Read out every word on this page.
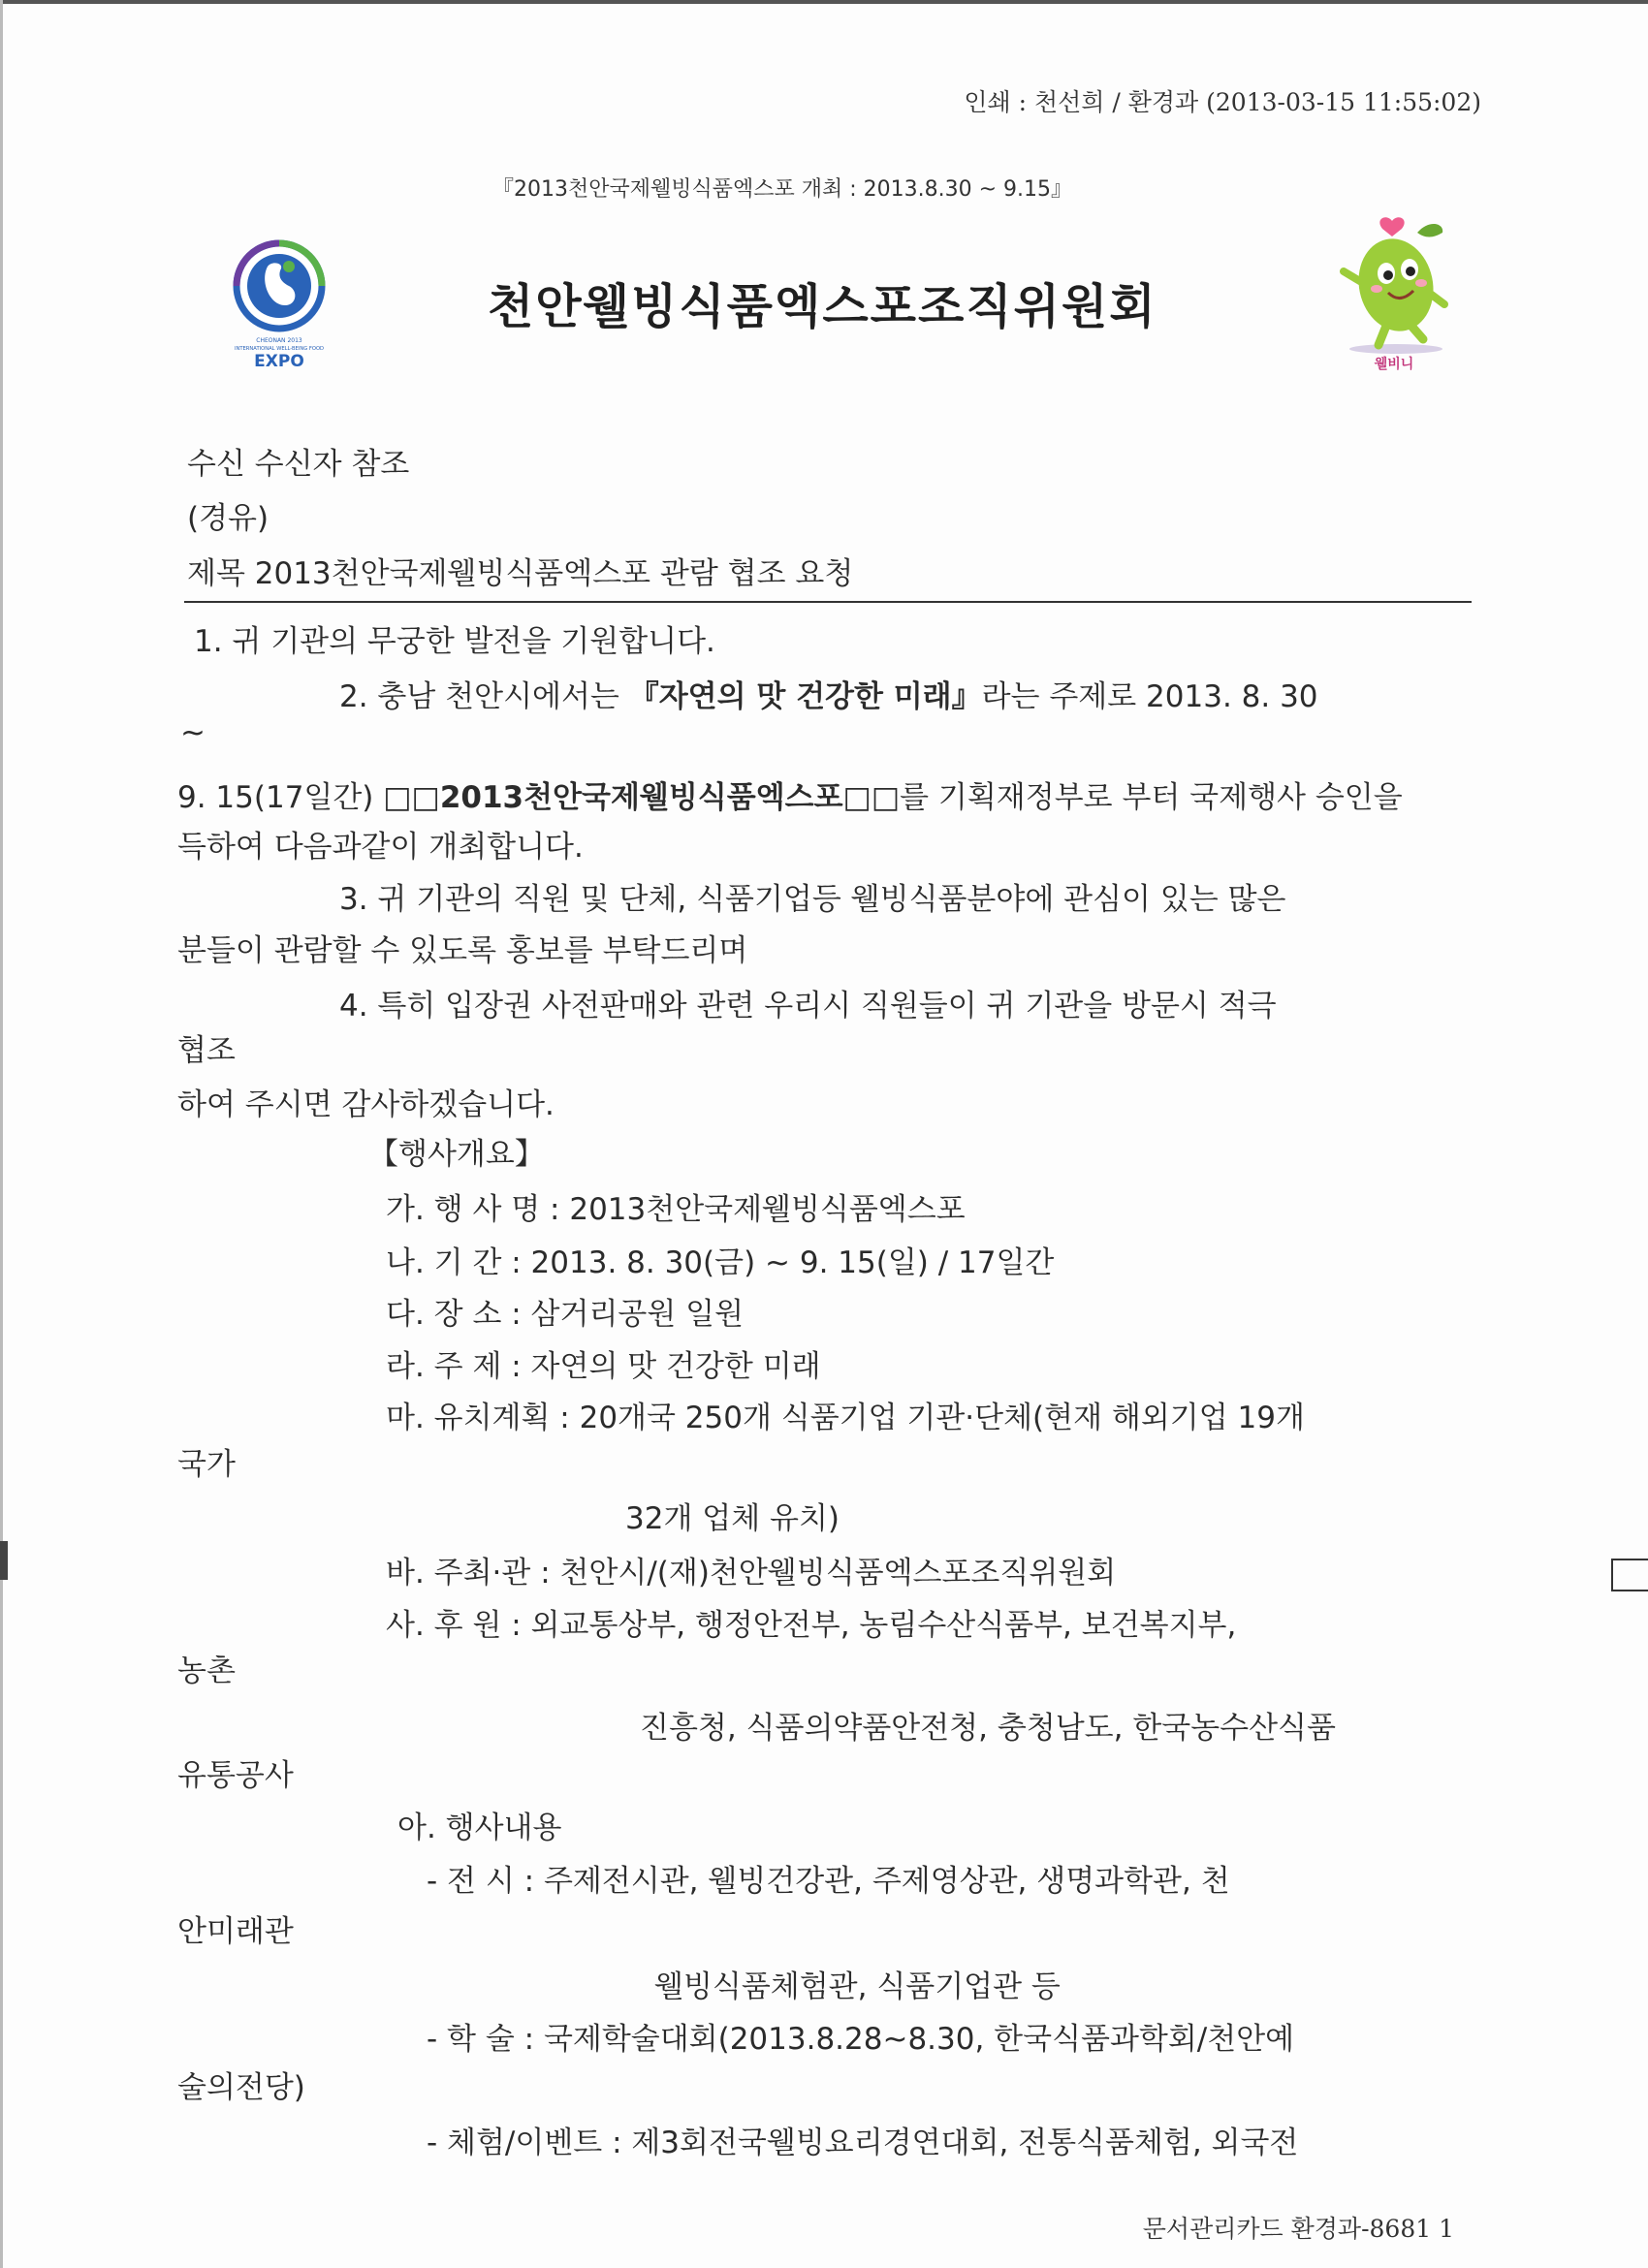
인쇄 : 천선희 / 환경과 (2013-03-15 11:55:02)
『2013천안국제웰빙식품엑스포 개최 : 2013.8.30 ~ 9.15』
CHEONAN 2013
INTERNATIONAL WELL-BEING FOOD
EXPO
천안웰빙식품엑스포조직위원회
웰비니
수신 수신자 참조
(경유)
제목 2013천안국제웰빙식품엑스포 관람 협조 요청
1. 귀 기관의 무궁한 발전을 기원합니다.
2. 충남 천안시에서는 『자연의 맛 건강한 미래』라는 주제로 2013. 8. 30
~
9. 15(17일간) □□2013천안국제웰빙식품엑스포□□를 기획재정부로 부터 국제행사 승인을
득하여 다음과같이 개최합니다.
3. 귀 기관의 직원 및 단체, 식품기업등 웰빙식품분야에 관심이 있는 많은
분들이 관람할 수 있도록 홍보를 부탁드리며
4. 특히 입장권 사전판매와 관련 우리시 직원들이 귀 기관을 방문시 적극
협조
하여 주시면 감사하겠습니다.
【행사개요】
가. 행 사 명 : 2013천안국제웰빙식품엑스포
나. 기 간 : 2013. 8. 30(금) ~ 9. 15(일) / 17일간
다. 장 소 : 삼거리공원 일원
라. 주 제 : 자연의 맛 건강한 미래
마. 유치계획 : 20개국 250개 식품기업 기관·단체(현재 해외기업 19개
국가
32개 업체 유치)
바. 주최·관 : 천안시/(재)천안웰빙식품엑스포조직위원회
사. 후 원 : 외교통상부, 행정안전부, 농림수산식품부, 보건복지부,
농촌
진흥청, 식품의약품안전청, 충청남도, 한국농수산식품
유통공사
아. 행사내용
- 전 시 : 주제전시관, 웰빙건강관, 주제영상관, 생명과학관, 천
안미래관
웰빙식품체험관, 식품기업관 등
- 학 술 : 국제학술대회(2013.8.28~8.30, 한국식품과학회/천안예
술의전당)
- 체험/이벤트 : 제3회전국웰빙요리경연대회, 전통식품체험, 외국전
문서관리카드 환경과-8681 1
